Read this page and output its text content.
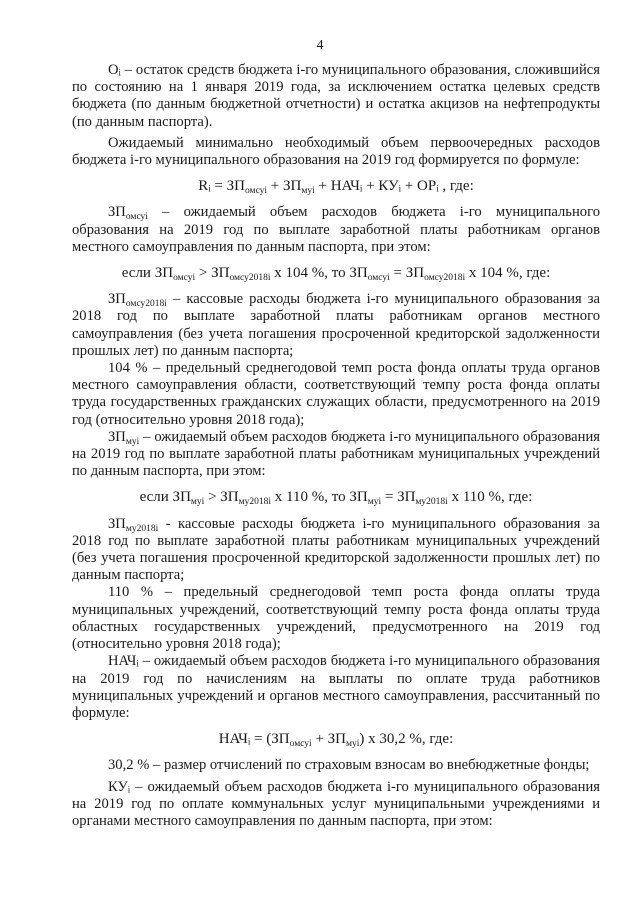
4

Oᵢ – остаток средств бюджета i-го муниципального образования, сложившийся по состоянию на 1 января 2019 года, за исключением остатка целевых средств бюджета (по данным бюджетной отчетности) и остатка акцизов на нефтепродукты (по данным паспорта).

Ожидаемый минимально необходимый объем первоочередных расходов бюджета i-го муниципального образования на 2019 год формируется по формуле:

Rᵢ = $ЗП_{омсуi} + ЗП_{муi}$ + НАЧᵢ + КУᵢ + ОРᵢ , где:

$ЗП_{омсуi}$ – ожидаемый объем расходов бюджета i-го муниципального образования на 2019 год по выплате заработной платы работникам органов местного самоуправления по данным паспорта, при этом:

если $ЗП_{омсуi} > ЗП_{омсу2018i}$ х 104 %, то $ЗП_{омсуi} = ЗП_{омсу2018i}$ х 104 %, где:

$ЗП_{омсу2018i}$ – кассовые расходы бюджета i-го муниципального образования за 2018 год по выплате заработной платы работникам органов местного самоуправления (без учета погашения просроченной кредиторской задолженности прошлых лет) по данным паспорта;

104 % – предельный среднегодовой темп роста фонда оплаты труда органов местного самоуправления области, соответствующий темпу роста фонда оплаты труда государственных гражданских служащих области, предусмотренного на 2019 год (относительно уровня 2018 года);

$ЗП_{муi}$ – ожидаемый объем расходов бюджета i-го муниципального образования на 2019 год по выплате заработной платы работникам муниципальных учреждений по данным паспорта, при этом:

если $ЗП_{муi} > ЗП_{му2018i}$ х 110 %, то $ЗП_{муi} = ЗП_{му2018i}$ х 110 %, где:

$ЗП_{му2018i}$ - кассовые расходы бюджета i-го муниципального образования за 2018 год по выплате заработной платы работникам муниципальных учреждений (без учета погашения просроченной кредиторской задолженности прошлых лет) по данным паспорта;

110 % – предельный среднегодовой темп роста фонда оплаты труда муниципальных учреждений, соответствующий темпу роста фонда оплаты труда областных государственных учреждений, предусмотренного на 2019 год (относительно уровня 2018 года);

НАЧᵢ – ожидаемый объем расходов бюджета i-го муниципального образования на 2019 год по начислениям на выплаты по оплате труда работников муниципальных учреждений и органов местного самоуправления, рассчитанный по формуле:

НАЧᵢ = $(ЗП_{омсуi} + ЗП_{муi})$ х 30,2 %, где:

30,2 % – размер отчислений по страховым взносам во внебюджетные фонды;

КУᵢ – ожидаемый объем расходов бюджета i-го муниципального образования на 2019 год по оплате коммунальных услуг муниципальными учреждениями и органами местного самоуправления по данным паспорта, при этом:
